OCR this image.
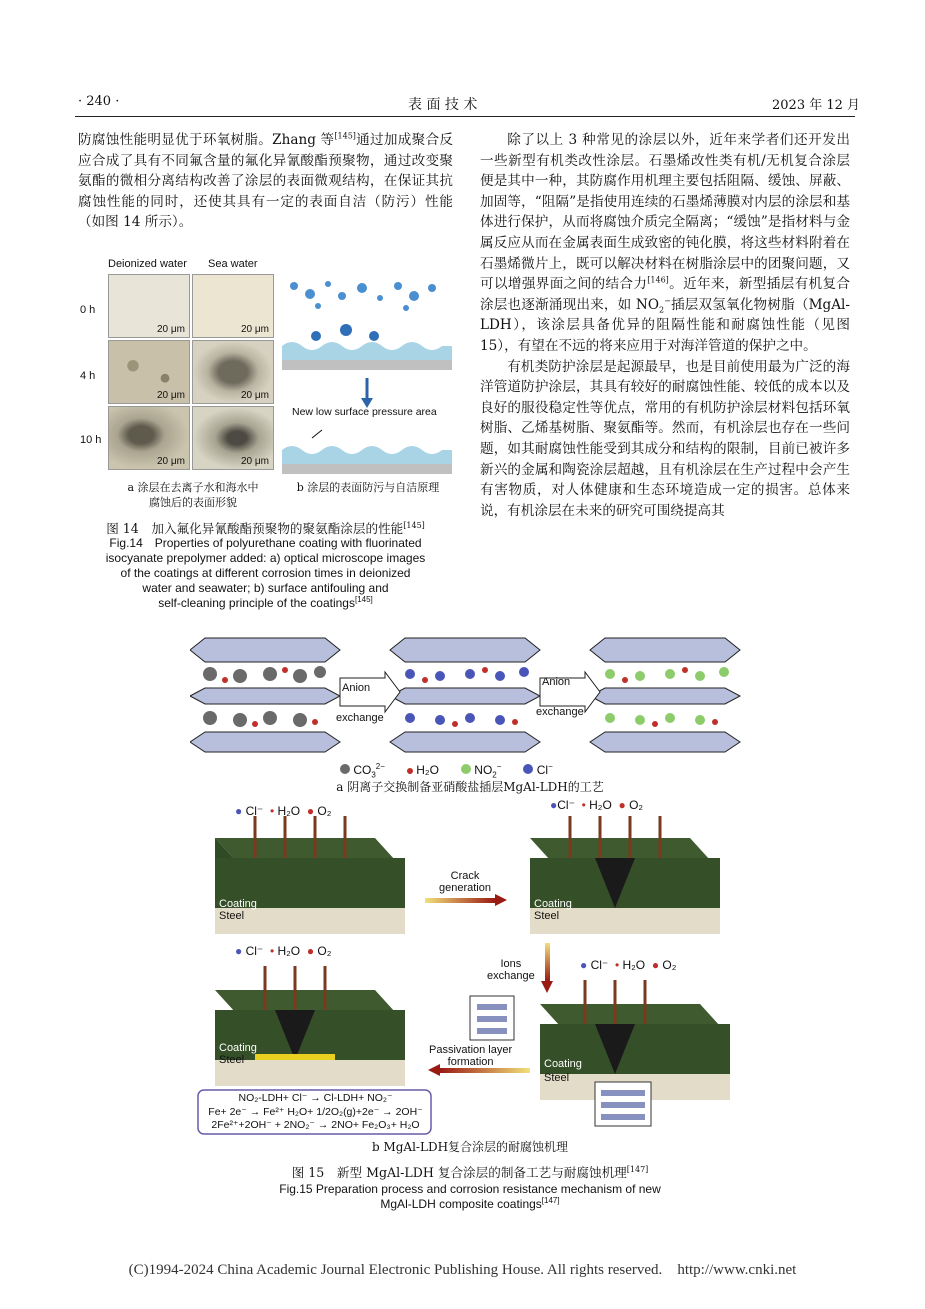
· 240 ·	表 面 技 术	2023 年 12 月

防腐蚀性能明显优于环氧树脂。Zhang 等[145]通过加成聚合反应合成了具有不同氟含量的氟化异氰酸酯预聚物，通过改变聚氨酯的微相分离结构改善了涂层的表面微观结构，在保证其抗腐蚀性能的同时，还使其具有一定的表面自洁（防污）性能（如图 14 所示）。

除了以上 3 种常见的涂层以外，近年来学者们还开发出一些新型有机类改性涂层。石墨烯改性类有机/无机复合涂层便是其中一种，其防腐作用机理主要包括阻隔、缓蚀、屏蔽、加固等，“阻隔”是指使用连续的石墨烯薄膜对内层的涂层和基体进行保护，从而将腐蚀介质完全隔离；“缓蚀”是指材料与金属反应从而在金属表面生成致密的钝化膜，将这些材料附着在石墨烯微片上，既可以解决材料在树脂涂层中的团聚问题，又可以增强界面之间的结合力[146]。近年来，新型插层有机复合涂层也逐渐涌现出来，如 $NO_2^-$插层双氢氧化物树脂（MgAl-LDH），该涂层具备优异的阻隔性能和耐腐蚀性能（见图 15），有望在不远的将来应用于对海洋管道的保护之中。

有机类防护涂层是起源最早，也是目前使用最为广泛的海洋管道防护涂层，其具有较好的耐腐蚀性能、较低的成本以及良好的服役稳定性等优点，常用的有机防护涂层材料包括环氧树脂、乙烯基树脂、聚氨酯等。然而，有机涂层也存在一些问题，如其耐腐蚀性能受到其成分和结构的限制，目前已被许多新兴的金属和陶瓷涂层超越，且有机涂层在生产过程中会产生有害物质，对人体健康和生态环境造成一定的损害。总体来说，有机涂层在未来的研究可围绕提高其

Deionized water Sea water
0 h
4 h
10 h
20 μm	20 μm
20 μm	20 μm
20 μm	20 μm
New low surface pressure area
a 涂层在去离子水和海水中
腐蚀后的表面形貌
b 涂层的表面防污与自洁原理
图 14　加入氟化异氰酸酯预聚物的聚氨酯涂层的性能[145]
Fig.14　Properties of polyurethane coating with fluorinated
isocyanate prepolymer added: a) optical microscope images
of the coatings at different corrosion times in deionized
water and seawater; b) surface antifouling and
self-cleaning principle of the coatings[145]
Anion
exchange
Anion
exchange
$CO_3^{2-}$	H₂O	$NO_2^-$	Cl−
a 阴离子交换制备亚硝酸盐插层MgAl-LDH的工艺
● Cl⁻ • H₂O ● O₂	●Cl⁻ • H₂O ● O₂
● Cl⁻ • H₂O ● O₂
● Cl⁻ • H₂O ● O₂
Crack
generation
Ions
exchange
Passivation layer
formation
Coating
Steel
Coating
Steel
Coating
Steel	Coating
Steel
NO₂-LDH+ Cl⁻ → Cl-LDH+ NO₂⁻
Fe+ 2e⁻ → Fe²⁺ H₂O+ 1/2O₂(g)+2e⁻ → 2OH⁻
2Fe²⁺+2OH⁻ + 2NO₂⁻ → 2NO+ Fe₂O₃+ H₂O
b MgAl-LDH复合涂层的耐腐蚀机理
图 15　新型 MgAl-LDH 复合涂层的制备工艺与耐腐蚀机理[147]
Fig.15 Preparation process and corrosion resistance mechanism of new
MgAl-LDH composite coatings[147]
(C)1994-2024 China Academic Journal Electronic Publishing House. All rights reserved. http://www.cnki.net
